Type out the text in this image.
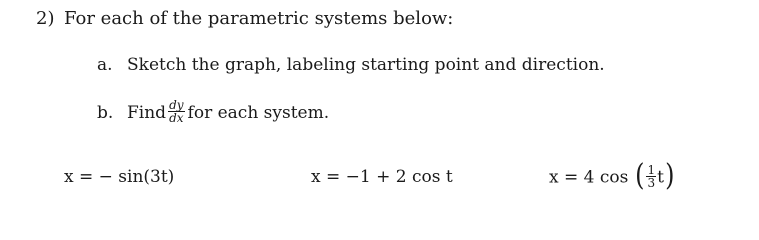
2) For each of the parametric systems below:
a. Sketch the graph, labeling starting point and direction.
b. Find $\frac{dy}{dx}$ for each system.
x = − sin(3t)	x = −1 + 2 cos t	x = 4 cos ( $\frac{1}{3} t$)
